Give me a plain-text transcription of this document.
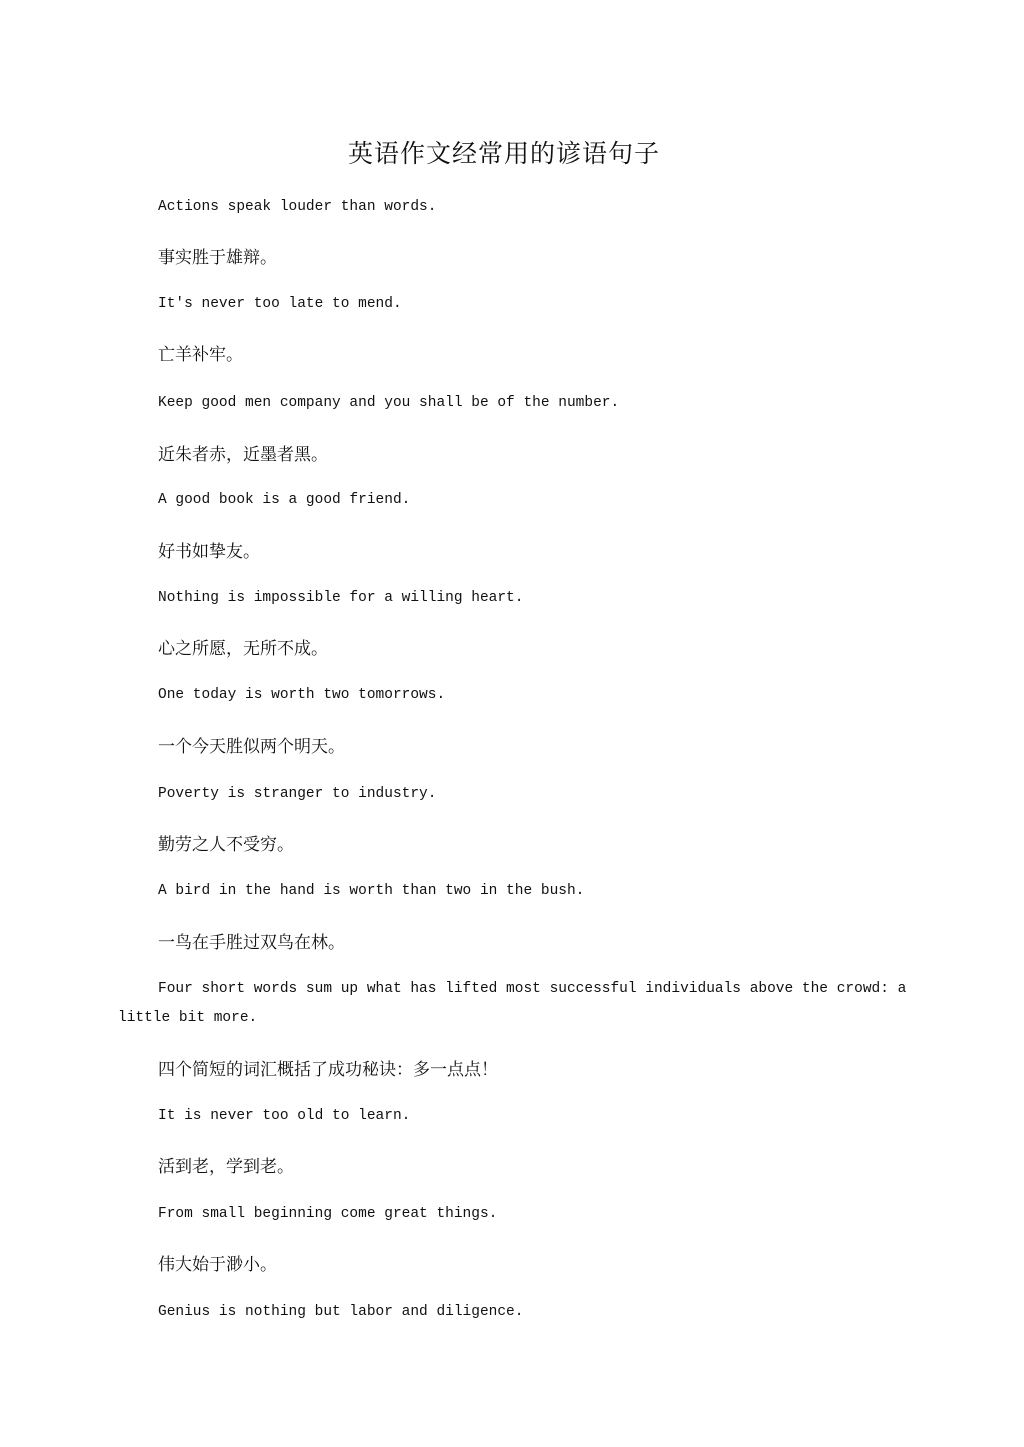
英语作文经常用的谚语句子
Actions speak louder than words.
事实胜于雄辩。
It's never too late to mend.
亡羊补牢。
Keep good men company and you shall be of the number.
近朱者赤，近墨者黑。
A good book is a good friend.
好书如挚友。
Nothing is impossible for a willing heart.
心之所愿，无所不成。
One today is worth two tomorrows.
一个今天胜似两个明天。
Poverty is stranger to industry.
勤劳之人不受穷。
A bird in the hand is worth than two in the bush.
一鸟在手胜过双鸟在林。
Four short words sum up what has lifted most successful individuals above the crowd: a little bit more.
四个简短的词汇概括了成功秘诀：多一点点！
It is never too old to learn.
活到老，学到老。
From small beginning come great things.
伟大始于渺小。
Genius is nothing but labor and diligence.
